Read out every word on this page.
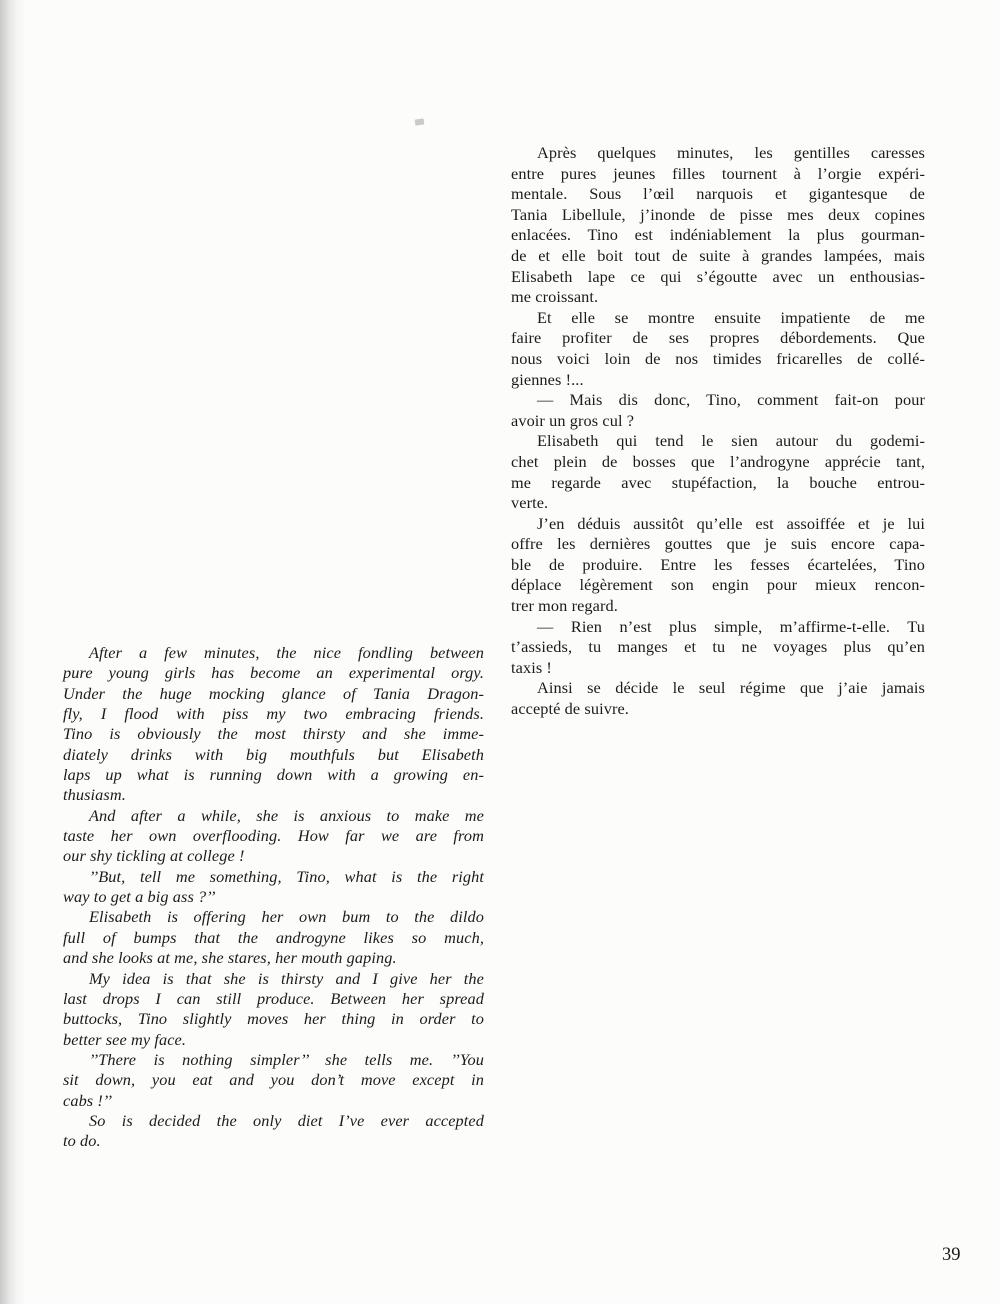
After a few minutes, the nice fondling between
pure young girls has become an experimental orgy.
Under the huge mocking glance of Tania Dragon-
fly, I flood with piss my two embracing friends.
Tino is obviously the most thirsty and she imme-
diately drinks with big mouthfuls but Elisabeth
laps up what is running down with a growing en-
thusiasm.
And after a while, she is anxious to make me
taste her own overflooding. How far we are from
our shy tickling at college !
’’But, tell me something, Tino, what is the right
way to get a big ass ?’’
Elisabeth is offering her own bum to the dildo
full of bumps that the androgyne likes so much,
and she looks at me, she stares, her mouth gaping.
My idea is that she is thirsty and I give her the
last drops I can still produce. Between her spread
buttocks, Tino slightly moves her thing in order to
better see my face.
’’There is nothing simpler’’ she tells me. ’’You
sit down, you eat and you don’t move except in
cabs !’’
So is decided the only diet I’ve ever accepted
to do.
Après quelques minutes, les gentilles caresses
entre pures jeunes filles tournent à l’orgie expéri-
mentale. Sous l’œil narquois et gigantesque de
Tania Libellule, j’inonde de pisse mes deux copines
enlacées. Tino est indéniablement la plus gourman-
de et elle boit tout de suite à grandes lampées, mais
Elisabeth lape ce qui s’égoutte avec un enthousias-
me croissant.
Et elle se montre ensuite impatiente de me
faire profiter de ses propres débordements. Que
nous voici loin de nos timides fricarelles de collé-
giennes !...
— Mais dis donc, Tino, comment fait-on pour
avoir un gros cul ?
Elisabeth qui tend le sien autour du godemi-
chet plein de bosses que l’androgyne apprécie tant,
me regarde avec stupéfaction, la bouche entrou-
verte.
J’en déduis aussitôt qu’elle est assoiffée et je lui
offre les dernières gouttes que je suis encore capa-
ble de produire. Entre les fesses écartelées, Tino
déplace légèrement son engin pour mieux rencon-
trer mon regard.
— Rien n’est plus simple, m’affirme-t-elle. Tu
t’assieds, tu manges et tu ne voyages plus qu’en
taxis !
Ainsi se décide le seul régime que j’aie jamais
accepté de suivre.
39
